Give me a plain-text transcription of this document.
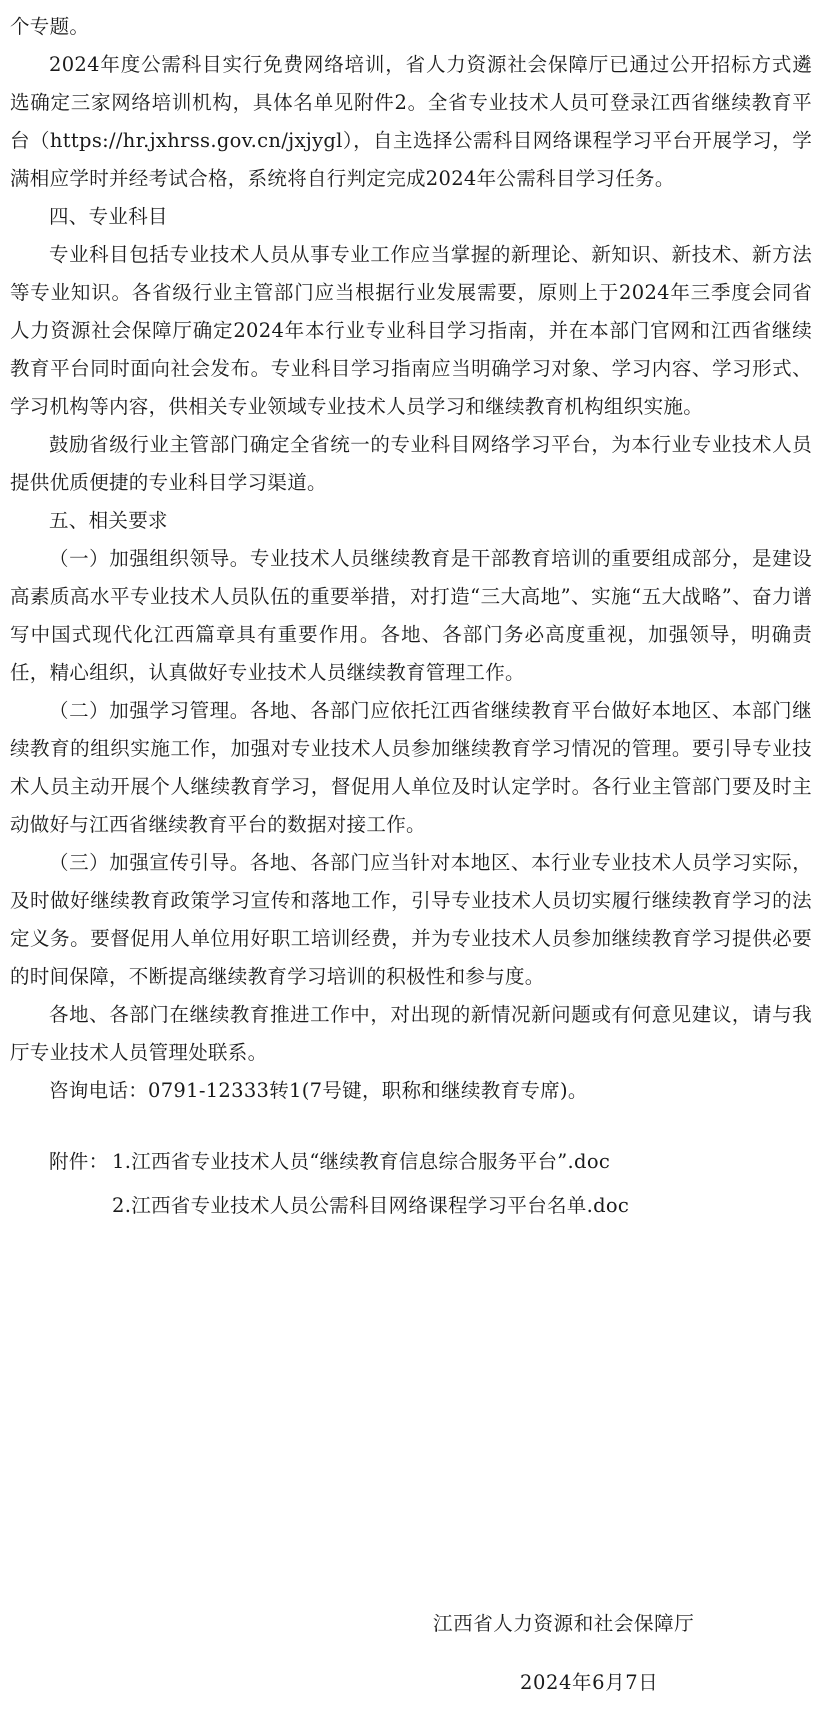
个专题。

2024年度公需科目实行免费网络培训，省人力资源社会保障厅已通过公开招标方式遴选确定三家网络培训机构，具体名单见附件2。全省专业技术人员可登录江西省继续教育平台（https://hr.jxhrss.gov.cn/jxjygl），自主选择公需科目网络课程学习平台开展学习，学满相应学时并经考试合格，系统将自行判定完成2024年公需科目学习任务。

四、专业科目

专业科目包括专业技术人员从事专业工作应当掌握的新理论、新知识、新技术、新方法等专业知识。各省级行业主管部门应当根据行业发展需要，原则上于2024年三季度会同省人力资源社会保障厅确定2024年本行业专业科目学习指南，并在本部门官网和江西省继续教育平台同时面向社会发布。专业科目学习指南应当明确学习对象、学习内容、学习形式、学习机构等内容，供相关专业领域专业技术人员学习和继续教育机构组织实施。

鼓励省级行业主管部门确定全省统一的专业科目网络学习平台，为本行业专业技术人员提供优质便捷的专业科目学习渠道。

五、相关要求

（一）加强组织领导。专业技术人员继续教育是干部教育培训的重要组成部分，是建设高素质高水平专业技术人员队伍的重要举措，对打造“三大高地”、实施“五大战略”、奋力谱写中国式现代化江西篇章具有重要作用。各地、各部门务必高度重视，加强领导，明确责任，精心组织，认真做好专业技术人员继续教育管理工作。

（二）加强学习管理。各地、各部门应依托江西省继续教育平台做好本地区、本部门继续教育的组织实施工作，加强对专业技术人员参加继续教育学习情况的管理。要引导专业技术人员主动开展个人继续教育学习，督促用人单位及时认定学时。各行业主管部门要及时主动做好与江西省继续教育平台的数据对接工作。

（三）加强宣传引导。各地、各部门应当针对本地区、本行业专业技术人员学习实际，及时做好继续教育政策学习宣传和落地工作，引导专业技术人员切实履行继续教育学习的法定义务。要督促用人单位用好职工培训经费，并为专业技术人员参加继续教育学习提供必要的时间保障，不断提高继续教育学习培训的积极性和参与度。

各地、各部门在继续教育推进工作中，对出现的新情况新问题或有何意见建议，请与我厅专业技术人员管理处联系。

咨询电话：0791-12333转1(7号键，职称和继续教育专席)。

附件： 1.江西省专业技术人员“继续教育信息综合服务平台”.doc
2.江西省专业技术人员公需科目网络课程学习平台名单.doc
江西省人力资源和社会保障厅
2024年6月7日
